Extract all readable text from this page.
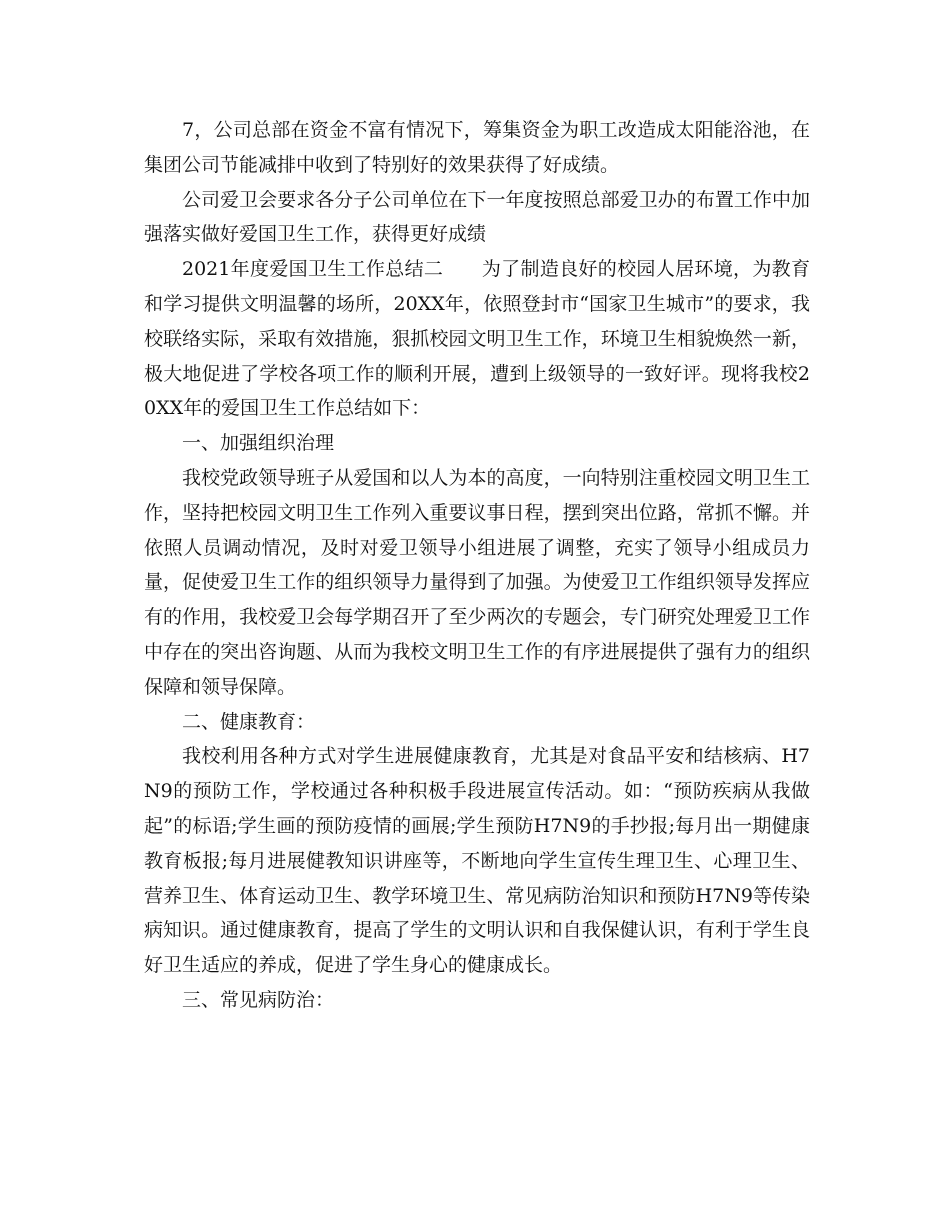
7，公司总部在资金不富有情况下，筹集资金为职工改造成太阳能浴池，在集团公司节能减排中收到了特别好的效果获得了好成绩。

公司爱卫会要求各分子公司单位在下一年度按照总部爱卫办的布置工作中加强落实做好爱国卫生工作，获得更好成绩

2021年度爱国卫生工作总结二　　为了制造良好的校园人居环境，为教育和学习提供文明温馨的场所，20XX年，依照登封市“国家卫生城市”的要求，我校联络实际，采取有效措施，狠抓校园文明卫生工作，环境卫生相貌焕然一新，极大地促进了学校各项工作的顺利开展，遭到上级领导的一致好评。现将我校20XX年的爱国卫生工作总结如下：

一、加强组织治理

我校党政领导班子从爱国和以人为本的高度，一向特别注重校园文明卫生工作，坚持把校园文明卫生工作列入重要议事日程，摆到突出位路，常抓不懈。并依照人员调动情况，及时对爱卫领导小组进展了调整，充实了领导小组成员力量，促使爱卫生工作的组织领导力量得到了加强。为使爱卫工作组织领导发挥应有的作用，我校爱卫会每学期召开了至少两次的专题会，专门研究处理爱卫工作中存在的突出咨询题、从而为我校文明卫生工作的有序进展提供了强有力的组织保障和领导保障。

二、健康教育：

我校利用各种方式对学生进展健康教育，尤其是对食品平安和结核病、H7N9的预防工作，学校通过各种积极手段进展宣传活动。如：“预防疾病从我做起”的标语;学生画的预防疫情的画展;学生预防H7N9的手抄报;每月出一期健康教育板报;每月进展健教知识讲座等，不断地向学生宣传生理卫生、心理卫生、营养卫生、体育运动卫生、教学环境卫生、常见病防治知识和预防H7N9等传染病知识。通过健康教育，提高了学生的文明认识和自我保健认识，有利于学生良好卫生适应的养成，促进了学生身心的健康成长。

三、常见病防治：
